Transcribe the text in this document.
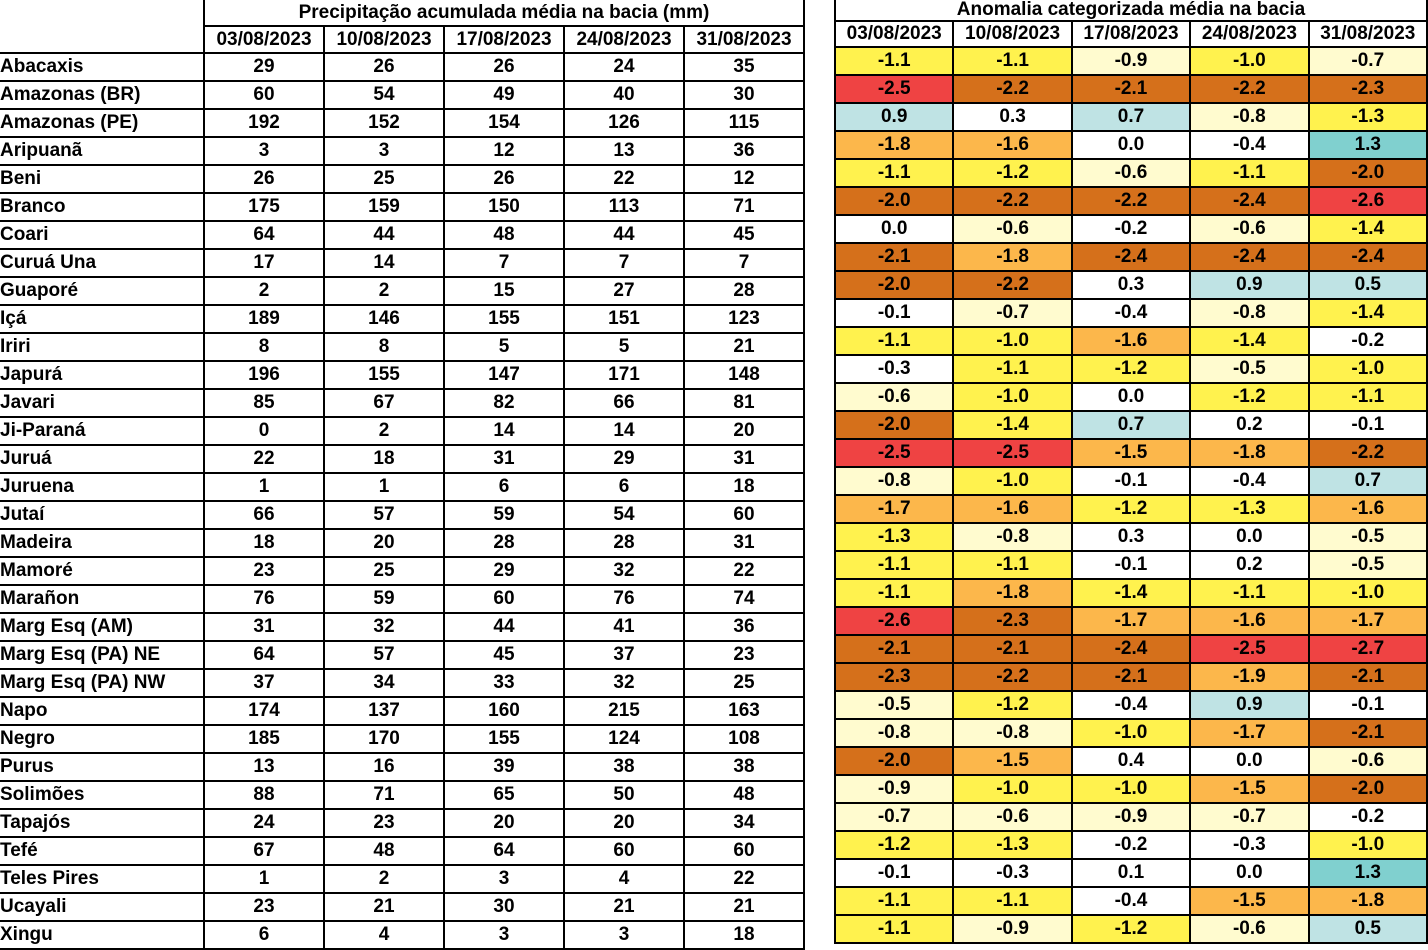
	Precipitação acumulada média na bacia (mm)				
	03/08/2023	10/08/2023	17/08/2023	24/08/2023	31/08/2023
Abacaxis	29	26	26	24	35
Amazonas (BR)	60	54	49	40	30
Amazonas (PE)	192	152	154	126	115
Aripuanã	3	3	12	13	36
Beni	26	25	26	22	12
Branco	175	159	150	113	71
Coari	64	44	48	44	45
Curuá Una	17	14	7	7	7
Guaporé	2	2	15	27	28
Içá	189	146	155	151	123
Iriri	8	8	5	5	21
Japurá	196	155	147	171	148
Javari	85	67	82	66	81
Ji-Paraná	0	2	14	14	20
Juruá	22	18	31	29	31
Juruena	1	1	6	6	18
Jutaí	66	57	59	54	60
Madeira	18	20	28	28	31
Mamoré	23	25	29	32	22
Marañon	76	59	60	76	74
Marg Esq (AM)	31	32	44	41	36
Marg Esq (PA) NE	64	57	45	37	23
Marg Esq (PA) NW	37	34	33	32	25
Napo	174	137	160	215	163
Negro	185	170	155	124	108
Purus	13	16	39	38	38
Solimões	88	71	65	50	48
Tapajós	24	23	20	20	34
Tefé	67	48	64	60	60
Teles Pires	1	2	3	4	22
Ucayali	23	21	30	21	21
Xingu	6	4	3	3	18
Anomalia categorizada média na bacia				
03/08/2023	10/08/2023	17/08/2023	24/08/2023	31/08/2023
-1.1	-1.1	-0.9	-1.0	-0.7
-2.5	-2.2	-2.1	-2.2	-2.3
0.9	0.3	0.7	-0.8	-1.3
-1.8	-1.6	0.0	-0.4	1.3
-1.1	-1.2	-0.6	-1.1	-2.0
-2.0	-2.2	-2.2	-2.4	-2.6
0.0	-0.6	-0.2	-0.6	-1.4
-2.1	-1.8	-2.4	-2.4	-2.4
-2.0	-2.2	0.3	0.9	0.5
-0.1	-0.7	-0.4	-0.8	-1.4
-1.1	-1.0	-1.6	-1.4	-0.2
-0.3	-1.1	-1.2	-0.5	-1.0
-0.6	-1.0	0.0	-1.2	-1.1
-2.0	-1.4	0.7	0.2	-0.1
-2.5	-2.5	-1.5	-1.8	-2.2
-0.8	-1.0	-0.1	-0.4	0.7
-1.7	-1.6	-1.2	-1.3	-1.6
-1.3	-0.8	0.3	0.0	-0.5
-1.1	-1.1	-0.1	0.2	-0.5
-1.1	-1.8	-1.4	-1.1	-1.0
-2.6	-2.3	-1.7	-1.6	-1.7
-2.1	-2.1	-2.4	-2.5	-2.7
-2.3	-2.2	-2.1	-1.9	-2.1
-0.5	-1.2	-0.4	0.9	-0.1
-0.8	-0.8	-1.0	-1.7	-2.1
-2.0	-1.5	0.4	0.0	-0.6
-0.9	-1.0	-1.0	-1.5	-2.0
-0.7	-0.6	-0.9	-0.7	-0.2
-1.2	-1.3	-0.2	-0.3	-1.0
-0.1	-0.3	0.1	0.0	1.3
-1.1	-1.1	-0.4	-1.5	-1.8
-1.1	-0.9	-1.2	-0.6	0.5
